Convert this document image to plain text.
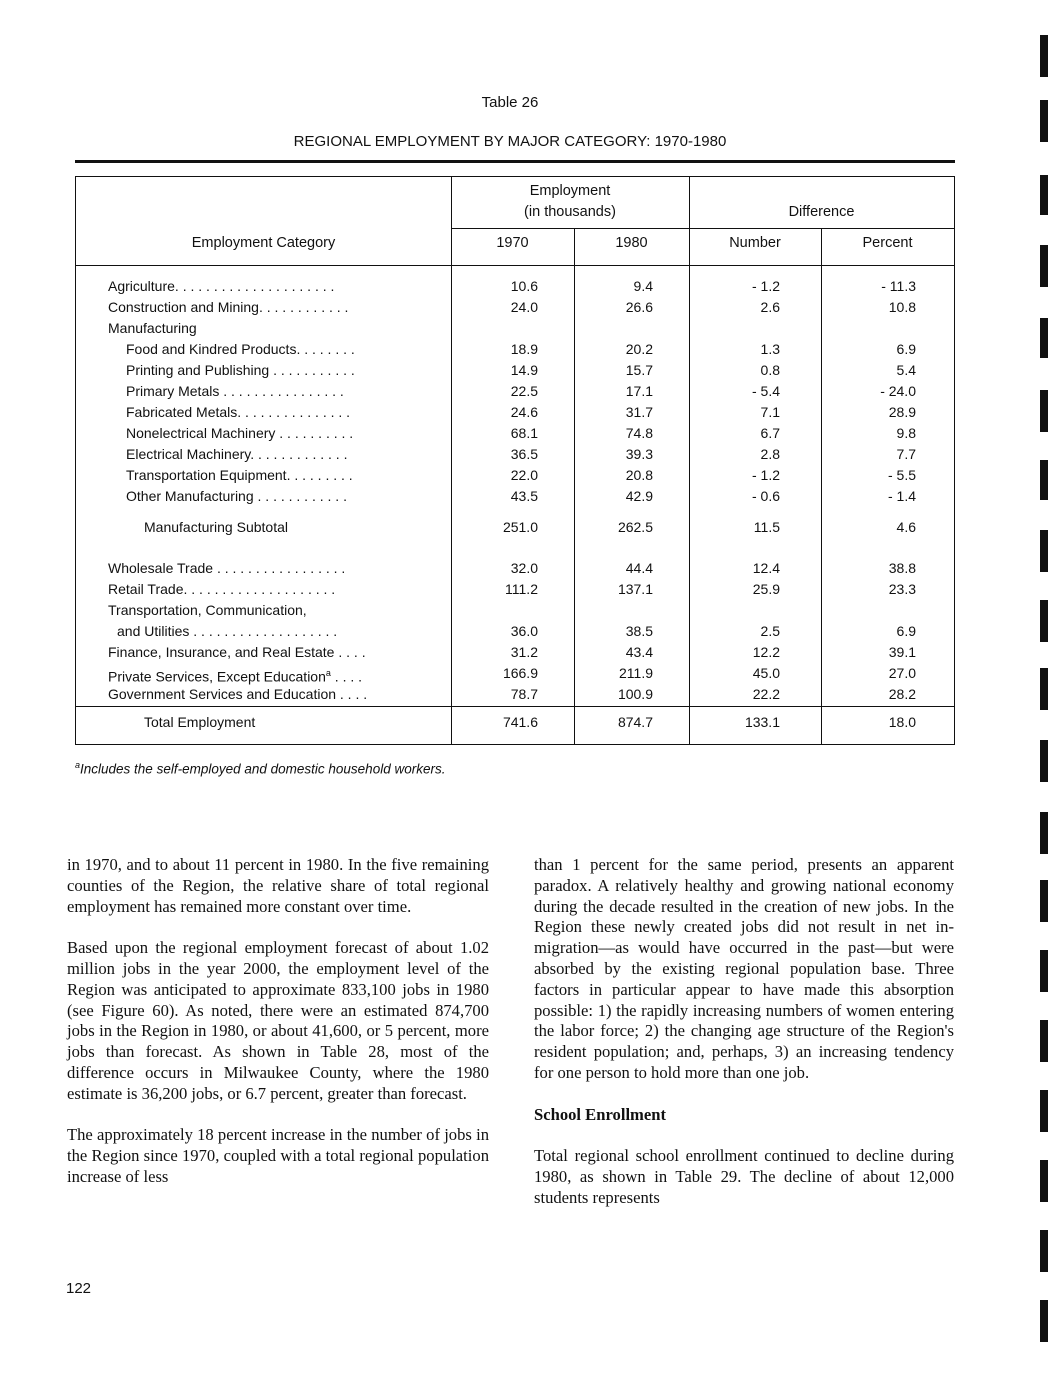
Table 26
REGIONAL EMPLOYMENT BY MAJOR CATEGORY: 1970-1980
Employment
(in thousands)	Difference
Employment Category	1970	1980	Number	Percent
Agriculture. . . . . . . . . . . . . . . . . . . . .	10.6	9.4	- 1.2	- 11.3
Construction and Mining. . . . . . . . . . . .	24.0	26.6	2.6	10.8
Manufacturing
Food and Kindred Products. . . . . . . .	18.9	20.2	1.3	6.9
Printing and Publishing . . . . . . . . . . .	14.9	15.7	0.8	5.4
Primary Metals . . . . . . . . . . . . . . . .	22.5	17.1	- 5.4	- 24.0
Fabricated Metals. . . . . . . . . . . . . . .	24.6	31.7	7.1	28.9
Nonelectrical Machinery . . . . . . . . . .	68.1	74.8	6.7	9.8
Electrical Machinery. . . . . . . . . . . . .	36.5	39.3	2.8	7.7
Transportation Equipment. . . . . . . . .	22.0	20.8	- 1.2	- 5.5
Other Manufacturing . . . . . . . . . . . .	43.5	42.9	- 0.6	- 1.4
Manufacturing Subtotal	251.0	262.5	11.5	4.6
Wholesale Trade . . . . . . . . . . . . . . . . .	32.0	44.4	12.4	38.8
Retail Trade. . . . . . . . . . . . . . . . . . . .	111.2	137.1	25.9	23.3
Transportation, Communication,
and Utilities . . . . . . . . . . . . . . . . . . .	36.0	38.5	2.5	6.9
Finance, Insurance, and Real Estate . . . .	31.2	43.4	12.2	39.1
Private Services, Except Education$^a$ . . . .	166.9	211.9	45.0	27.0
Government Services and Education . . . .	78.7	100.9	22.2	28.2
Total Employment	741.6	874.7	133.1	18.0
$^a$Includes the self-employed and domestic household workers.

in 1970, and to about 11 percent in 1980. In the five remaining counties of the Region, the relative share of total regional employment has remained more constant over time.

Based upon the regional employment forecast of about 1.02 million jobs in the year 2000, the employment level of the Region was anticipated to approximate 833,100 jobs in 1980 (see Figure 60). As noted, there were an estimated 874,700 jobs in the Region in 1980, or about 41,600, or 5 percent, more jobs than forecast. As shown in Table 28, most of the difference occurs in Milwaukee County, where the 1980 estimate is 36,200 jobs, or 6.7 percent, greater than forecast.

The approximately 18 percent increase in the number of jobs in the Region since 1970, coupled with a total regional population increase of less

than 1 percent for the same period, presents an apparent paradox. A relatively healthy and growing national economy during the decade resulted in the creation of new jobs. In the Region these newly created jobs did not result in net in-migration—as would have occurred in the past—but were absorbed by the existing regional population base. Three factors in particular appear to have made this absorption possible: 1) the rapidly increasing numbers of women entering the labor force; 2) the changing age structure of the Region's resident population; and, perhaps, 3) an increasing tendency for one person to hold more than one job.

School Enrollment

Total regional school enrollment continued to decline during 1980, as shown in Table 29. The decline of about 12,000 students represents

122
